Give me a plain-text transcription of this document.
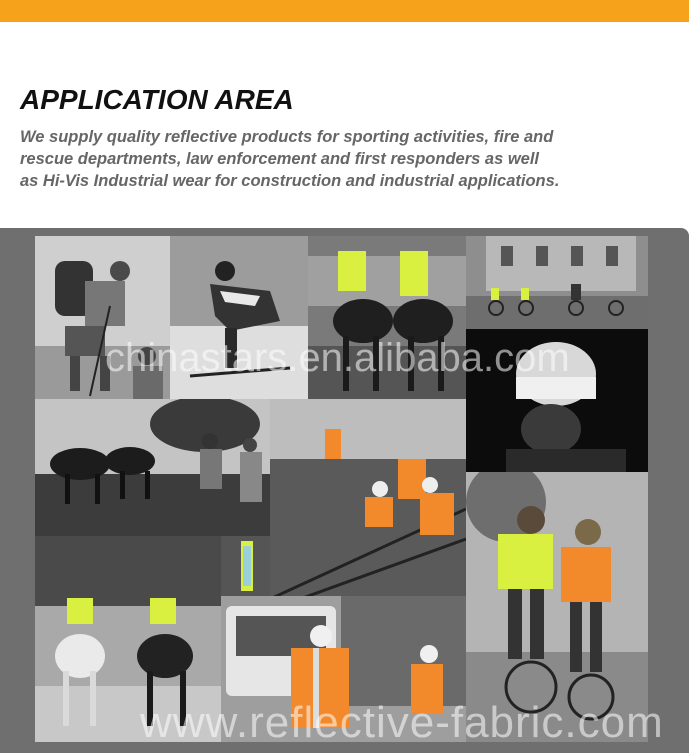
APPLICATION AREA

We supply quality reflective products for sporting activities, fire and rescue departments, law enforcement and first responders as well as Hi-Vis Industrial wear for construction and industrial applications.

chinastars.en.alibaba.com
www.reflective-fabric.com
